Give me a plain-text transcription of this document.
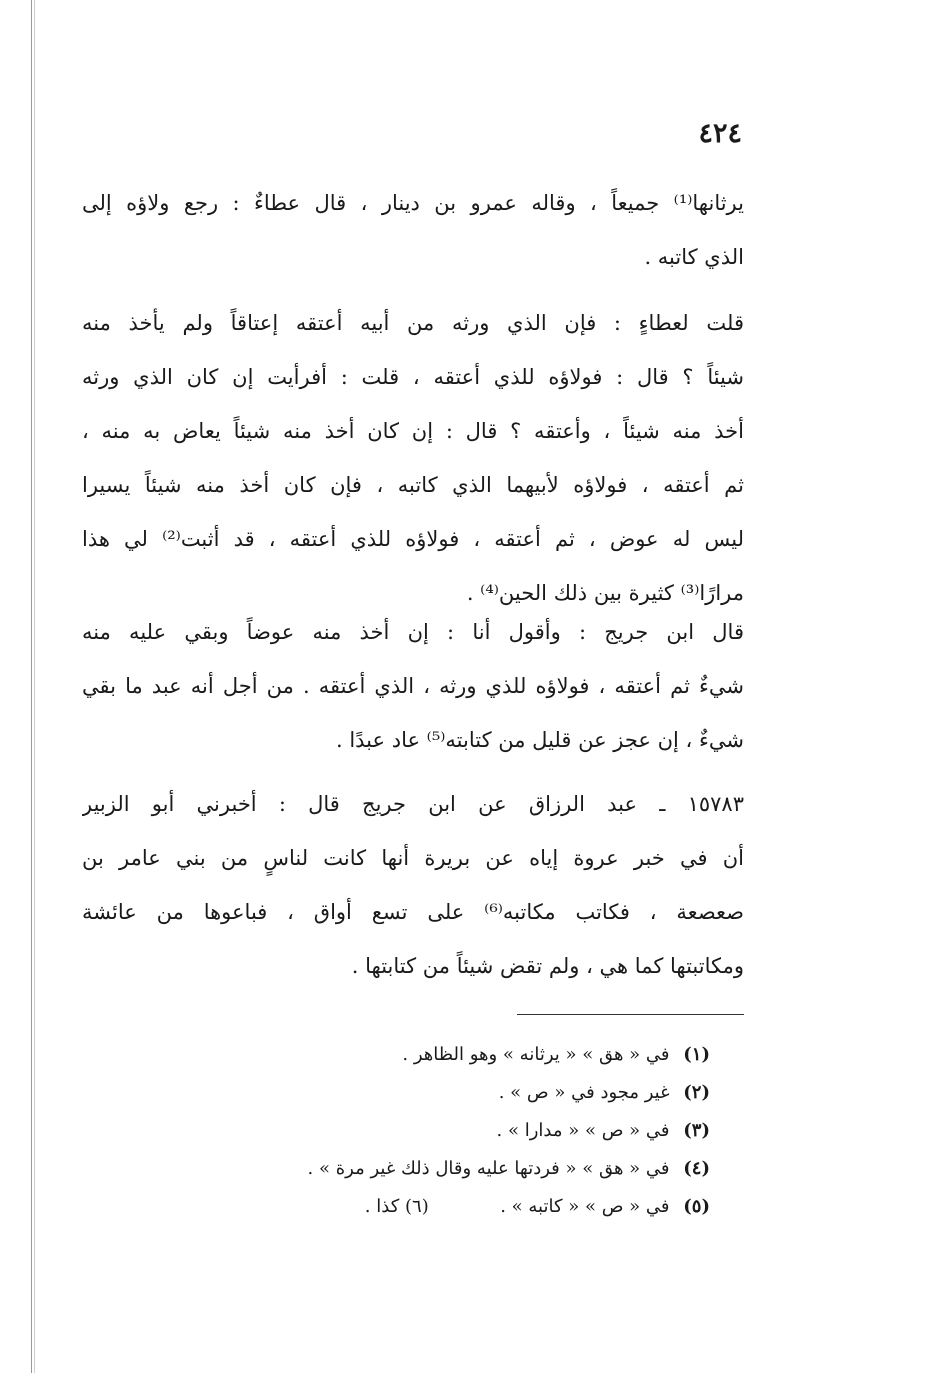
٤٢٤
يرثانها⁽¹⁾ جميعاً ، وقاله عمرو بن دينار ، قال عطاءٌ : رجع ولاؤه إلى
الذي كاتبه .
قلت لعطاءٍ : فإن الذي ورثه من أبيه أعتقه إعتاقاً ولم يأخذ منه
شيئاً ؟ قال : فولاؤه للذي أعتقه ، قلت : أفرأيت إن كان الذي ورثه
أخذ منه شيئاً ، وأعتقه ؟ قال : إن كان أخذ منه شيئاً يعاض به منه ،
ثم أعتقه ، فولاؤه لأبيهما الذي كاتبه ، فإن كان أخذ منه شيئاً يسيرا
ليس له عوض ، ثم أعتقه ، فولاؤه للذي أعتقه ، قد أثبت⁽²⁾ لي هذا
مرارًا⁽³⁾ كثيرة بين ذلك الحين⁽⁴⁾ .
قال ابن جريج : وأقول أنا : إن أخذ منه عوضاً وبقي عليه منه
شيءٌ ثم أعتقه ، فولاؤه للذي ورثه ، الذي أعتقه . من أجل أنه عبد ما بقي
شيءٌ ، إن عجز عن قليل من كتابته⁽⁵⁾ عاد عبدًا .
١٥٧٨٣ ـ عبد الرزاق عن ابن جريج قال : أخبرني أبو الزبير
أن في خبر عروة إياه عن بريرة أنها كانت لناسٍ من بني عامر بن
صعصعة ، فكاتب مكاتبه⁽⁶⁾ على تسع أواق ، فباعوها من عائشة
ومكاتبتها كما هي ، ولم تقض شيئاً من كتابتها .
(١) في « هق » « يرثانه » وهو الظاهر .
(٢) غير مجود في « ص » .
(٣) في « ص » « مدارا » .
(٤) في « هق » « فردتها عليه وقال ذلك غير مرة » .
(٥) في « ص » « كاتبه » .  (٦) كذا .
